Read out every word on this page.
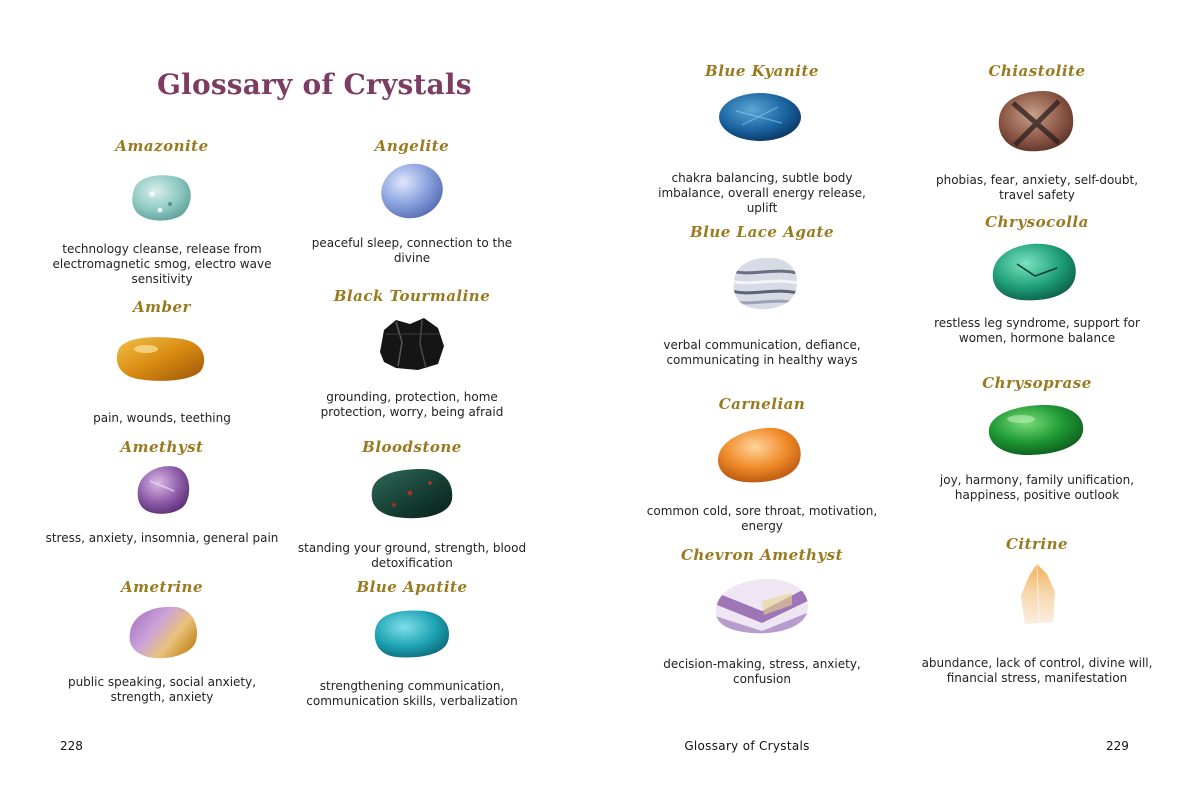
Glossary of Crystals
Amazonite
technology cleanse, release from electromagnetic smog, electro wave sensitivity
Angelite
peaceful sleep, connection to the divine
Amber
pain, wounds, teething
Black Tourmaline
grounding, protection, home protection, worry, being afraid
Amethyst
stress, anxiety, insomnia, general pain
Bloodstone
standing your ground, strength, blood detoxification
Ametrine
public speaking, social anxiety, strength, anxiety
Blue Apatite
strengthening communication, communication skills, verbalization
228
Blue Kyanite
chakra balancing, subtle body imbalance, overall energy release, uplift
Chiastolite
phobias, fear, anxiety, self-doubt, travel safety
Blue Lace Agate
verbal communication, defiance, communicating in healthy ways
Chrysocolla
restless leg syndrome, support for women, hormone balance
Carnelian
common cold, sore throat, motivation, energy
Chrysoprase
joy, harmony, family unification, happiness, positive outlook
Chevron Amethyst
decision-making, stress, anxiety, confusion
Citrine
abundance, lack of control, divine will, financial stress, manifestation
Glossary of Crystals	229
